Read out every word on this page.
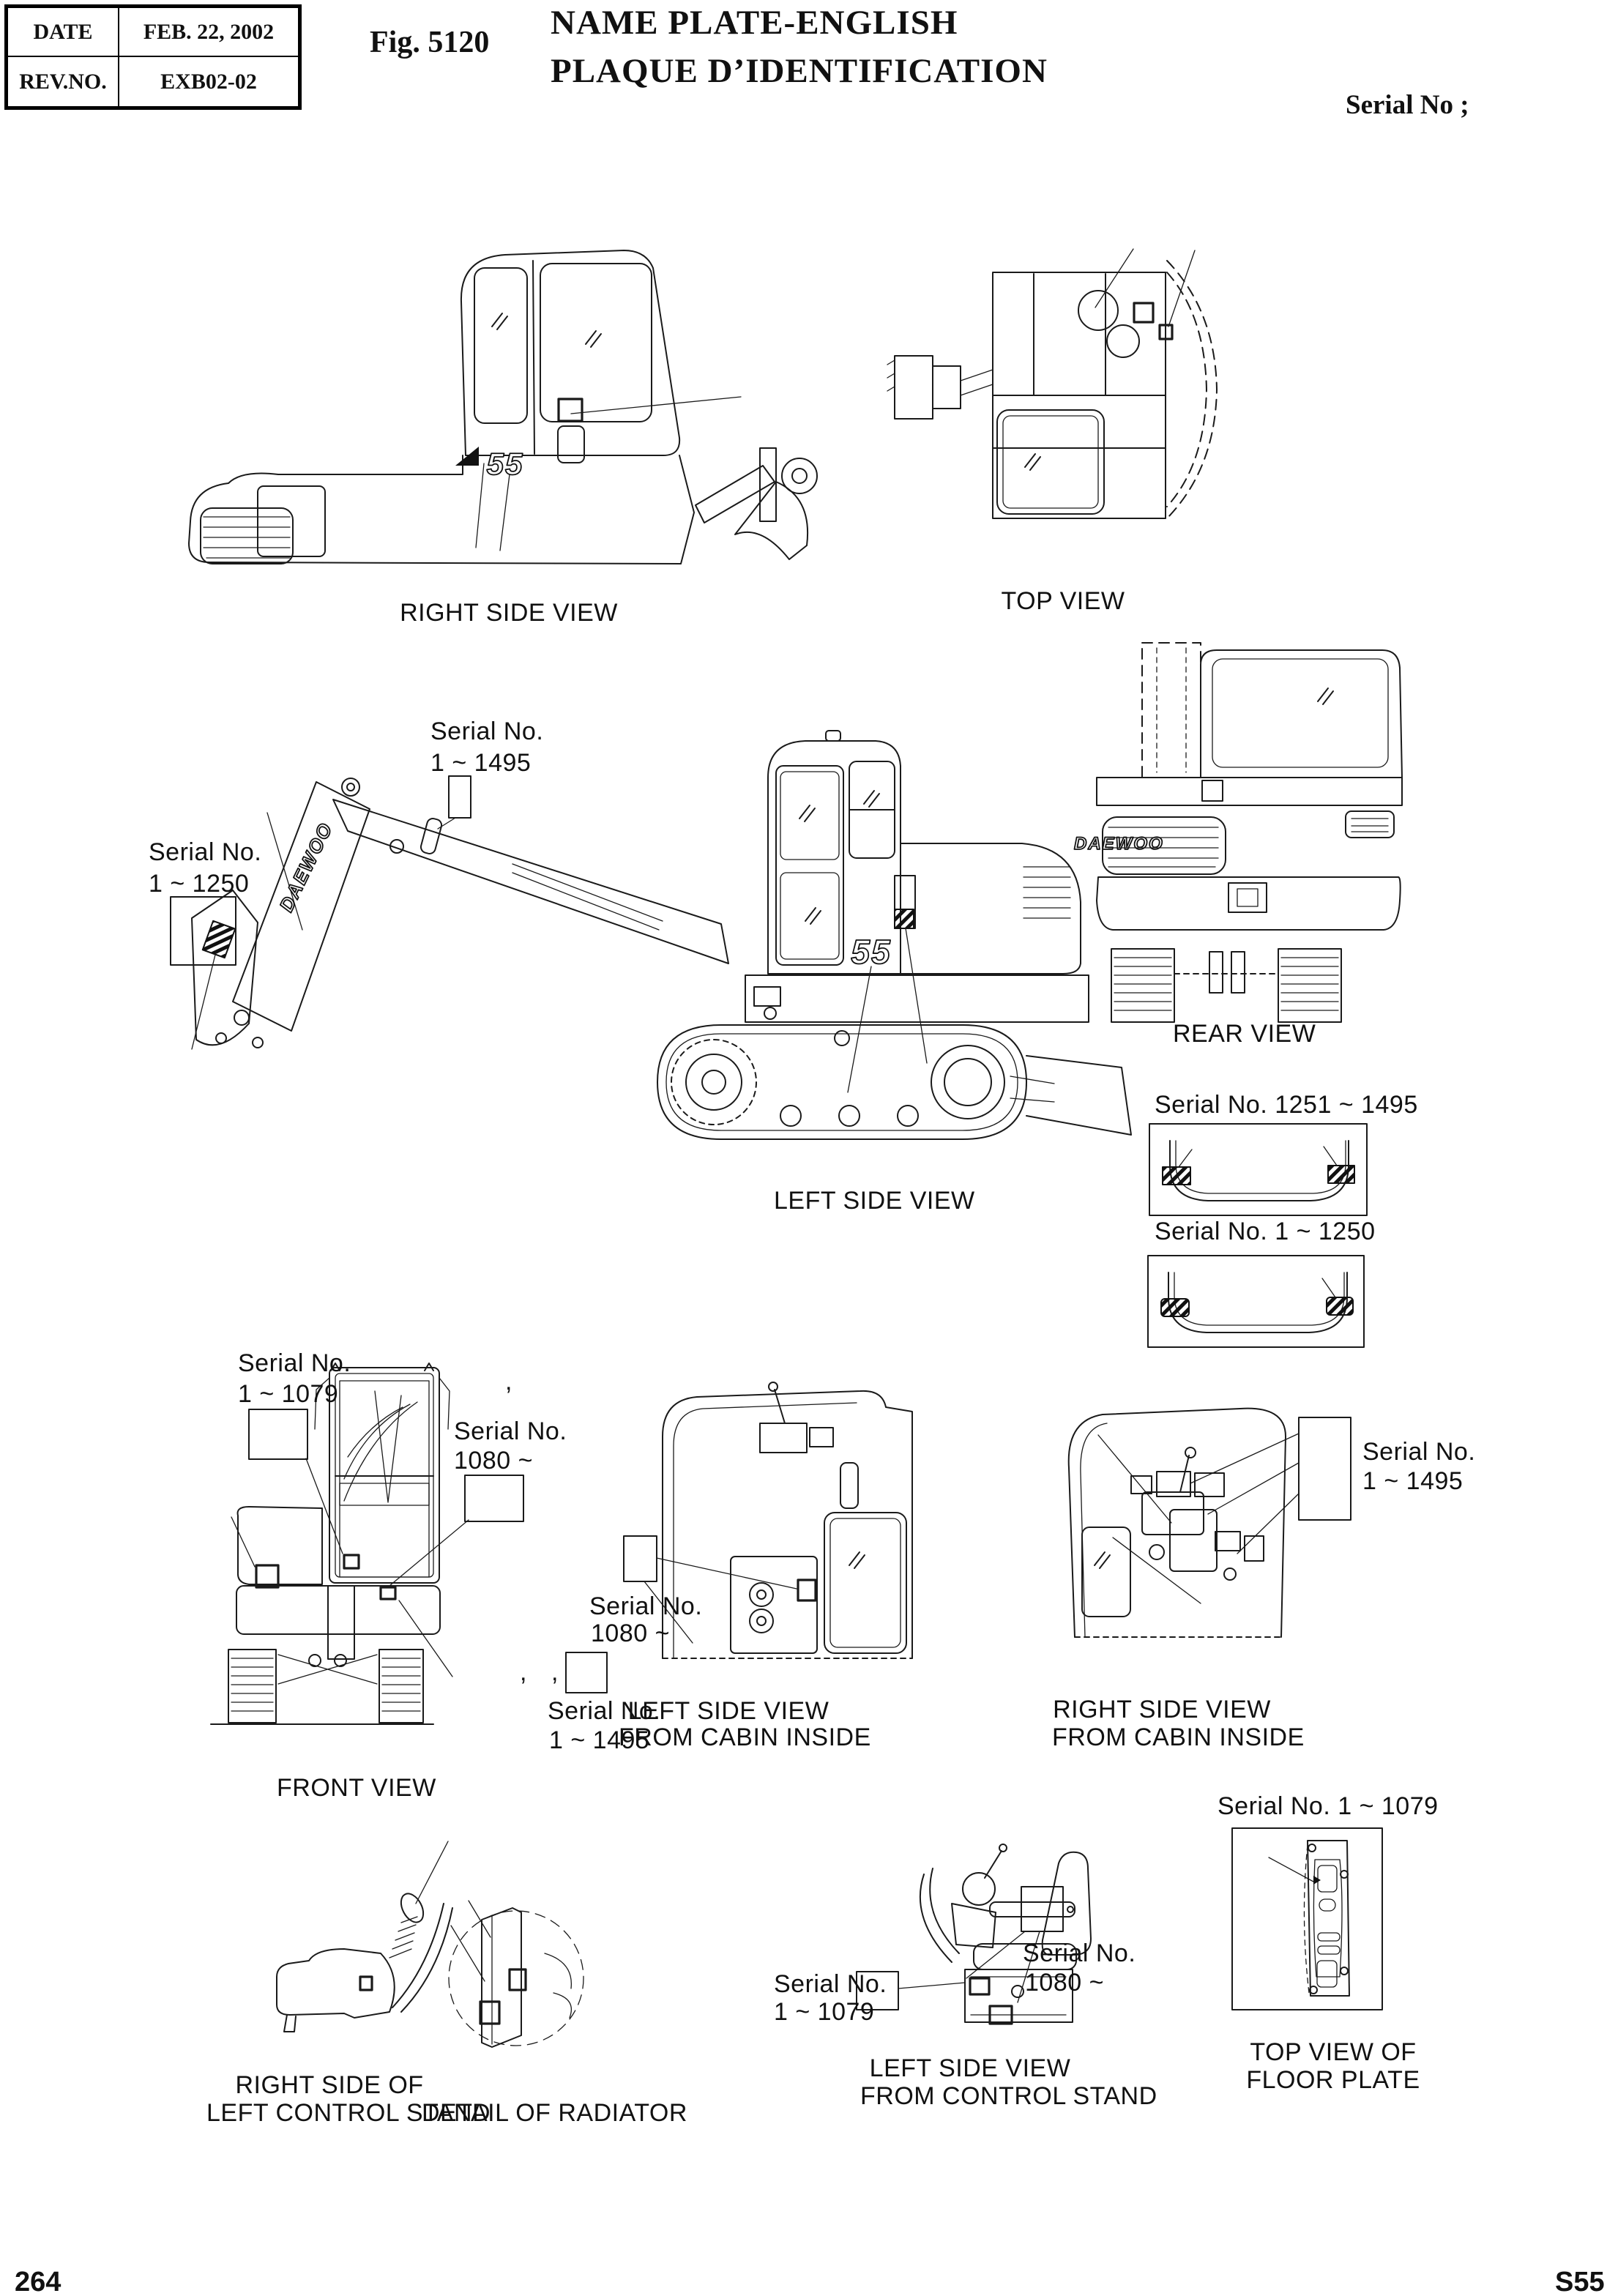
DATE	FEB. 22, 2002
REV.NO.	EXB02-02
Fig. 5120
NAME PLATE-ENGLISH
PLAQUE D’IDENTIFICATION
Serial No ;
55
DAEWOO
55
DAEWOO
RIGHT SIDE VIEW	TOP VIEW
REAR VIEW
LEFT SIDE VIEW
FRONT VIEW
LEFT SIDE VIEW
FROM CABIN INSIDE
RIGHT SIDE VIEW
FROM CABIN INSIDE
RIGHT SIDE OF
LEFT CONTROL STAND
DETAIL OF RADIATOR
LEFT SIDE VIEW
FROM CONTROL STAND
TOP VIEW OF
FLOOR PLATE
Serial No.
1 ~ 1495
Serial No.
1 ~ 1250
Serial No. 1251 ~ 1495
Serial No. 1 ~ 1250
Serial No.
1 ~ 1079
Serial No.
1080 ~
,
Serial No.
1 ~ 1495
, ,
Serial No.
1080 ~
Serial No.
1 ~ 1495
Serial No.
1 ~ 1079
Serial No.
1080 ~
Serial No. 1 ~ 1079
264	S55
